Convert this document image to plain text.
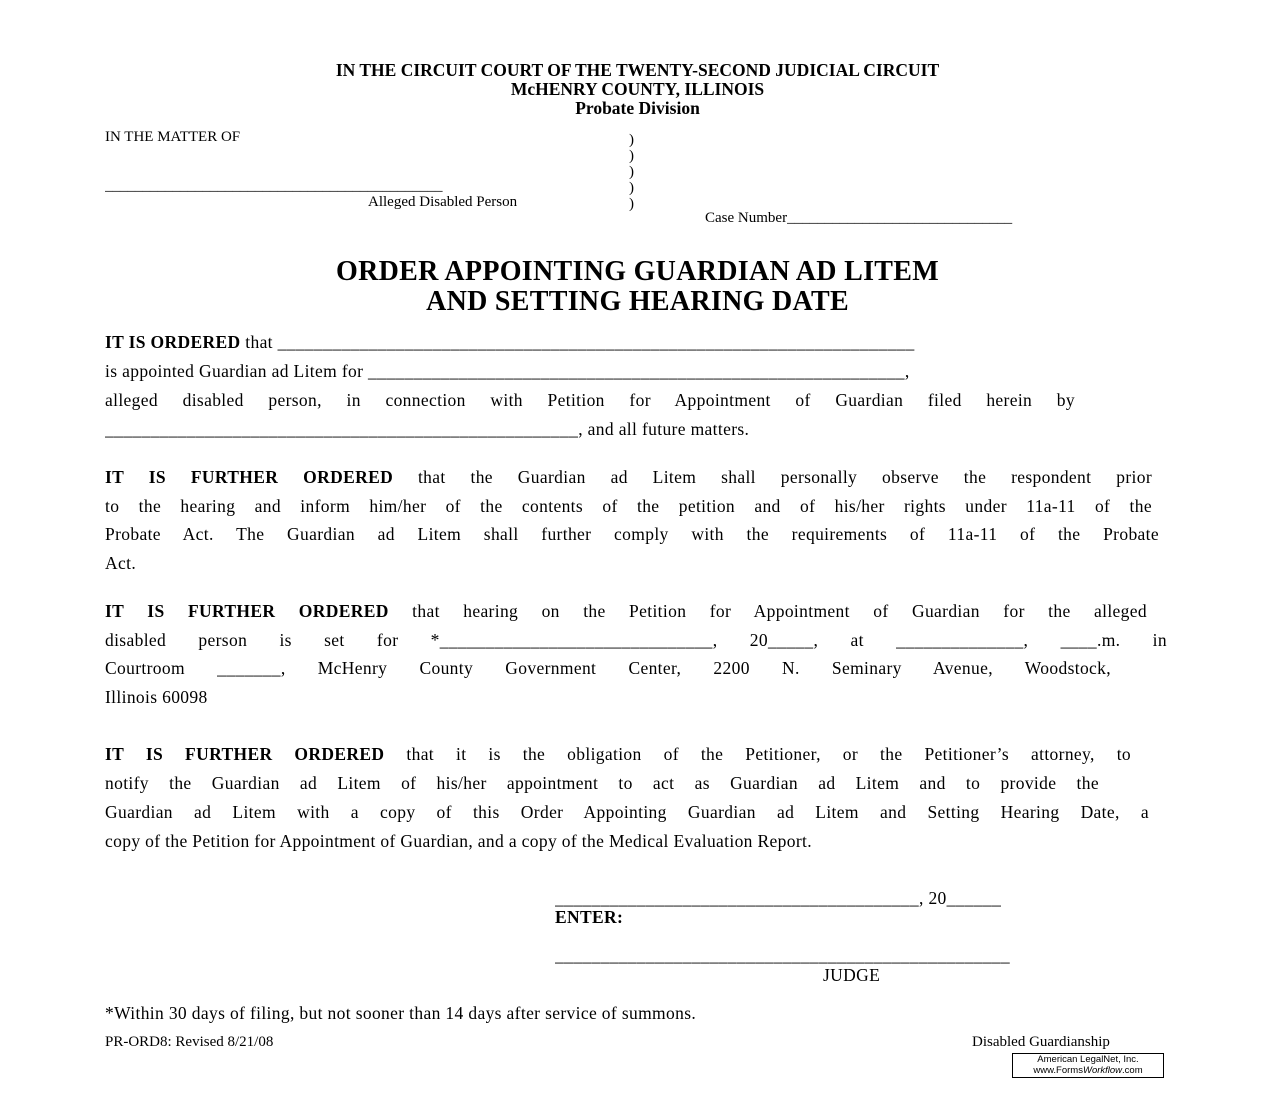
IN THE CIRCUIT COURT OF THE TWENTY-SECOND JUDICIAL CIRCUIT
McHENRY COUNTY, ILLINOIS
Probate Division
IN THE MATTER OF
_____________________________________________
Alleged Disabled Person
)
)
)
)
)
Case Number______________________________
ORDER APPOINTING GUARDIAN AD LITEM
AND SETTING HEARING DATE
IT IS ORDERED that ______________________________________________________________________
is appointed Guardian ad Litem for ___________________________________________________________,
alleged disabled person, in connection with Petition for Appointment of Guardian filed herein by
____________________________________________________, and all future matters.
IT IS FURTHER ORDERED that the Guardian ad Litem shall personally observe the respondent prior
to the hearing and inform him/her of the contents of the petition and of his/her rights under 11a-11 of the
Probate Act. The Guardian ad Litem shall further comply with the requirements of 11a-11 of the Probate
Act.
IT IS FURTHER ORDERED that hearing on the Petition for Appointment of Guardian for the alleged
disabled person is set for *______________________________, 20_____, at ______________, ____.m. in
Courtroom _______, McHenry County Government Center, 2200 N. Seminary Avenue, Woodstock,
Illinois 60098
IT IS FURTHER ORDERED that it is the obligation of the Petitioner, or the Petitioner’s attorney, to
notify the Guardian ad Litem of his/her appointment to act as Guardian ad Litem and to provide the
Guardian ad Litem with a copy of this Order Appointing Guardian ad Litem and Setting Hearing Date, a
copy of the Petition for Appointment of Guardian, and a copy of the Medical Evaluation Report.
________________________________________, 20______
ENTER:
__________________________________________________
JUDGE
*Within 30 days of filing, but not sooner than 14 days after service of summons.
PR-ORD8: Revised 8/21/08	Disabled Guardianship
American LegalNet, Inc.
www.FormsWorkflow.com
